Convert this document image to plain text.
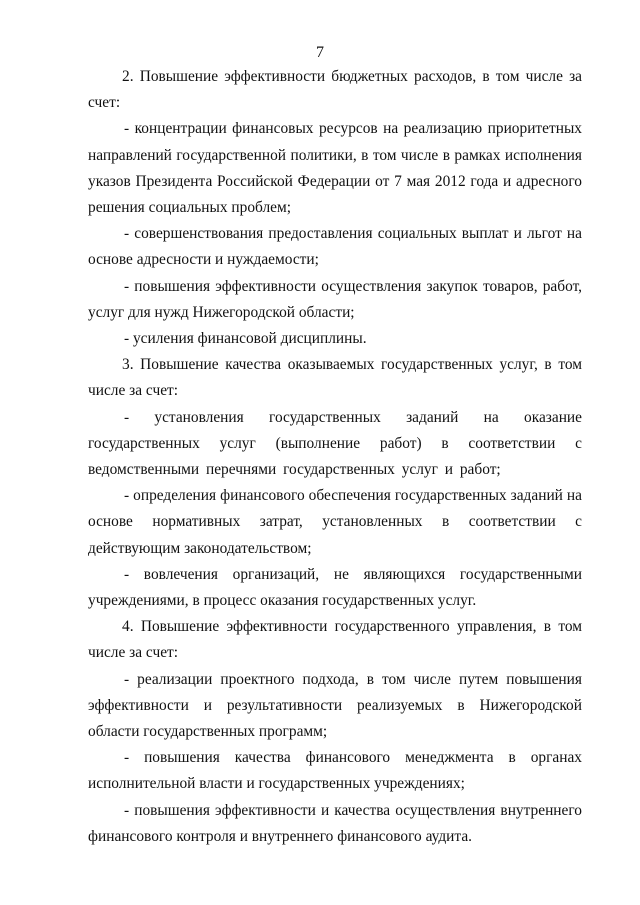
7

2. Повышение эффективности бюджетных расходов, в том числе за счет:

- концентрации финансовых ресурсов на реализацию приоритетных направлений государственной политики, в том числе в рамках исполнения указов Президента Российской Федерации от 7 мая 2012 года и адресного решения социальных проблем;

- совершенствования предоставления социальных выплат и льгот на основе адресности и нуждаемости;

- повышения эффективности осуществления закупок товаров, работ, услуг для нужд Нижегородской области;

- усиления финансовой дисциплины.

3. Повышение качества оказываемых государственных услуг, в том числе за счет:

- установления государственных заданий на оказание государственных услуг (выполнение работ) в соответствии с ведомственными перечнями государственных услуг и работ;

- определения финансового обеспечения государственных заданий на основе нормативных затрат, установленных в соответствии с действующим законодательством;

- вовлечения организаций, не являющихся государственными учреждениями, в процесс оказания государственных услуг.

4. Повышение эффективности государственного управления, в том числе за счет:

- реализации проектного подхода, в том числе путем повышения эффективности и результативности реализуемых в Нижегородской области государственных программ;

- повышения качества финансового менеджмента в органах исполнительной власти и государственных учреждениях;

- повышения эффективности и качества осуществления внутреннего финансового контроля и внутреннего финансового аудита.
